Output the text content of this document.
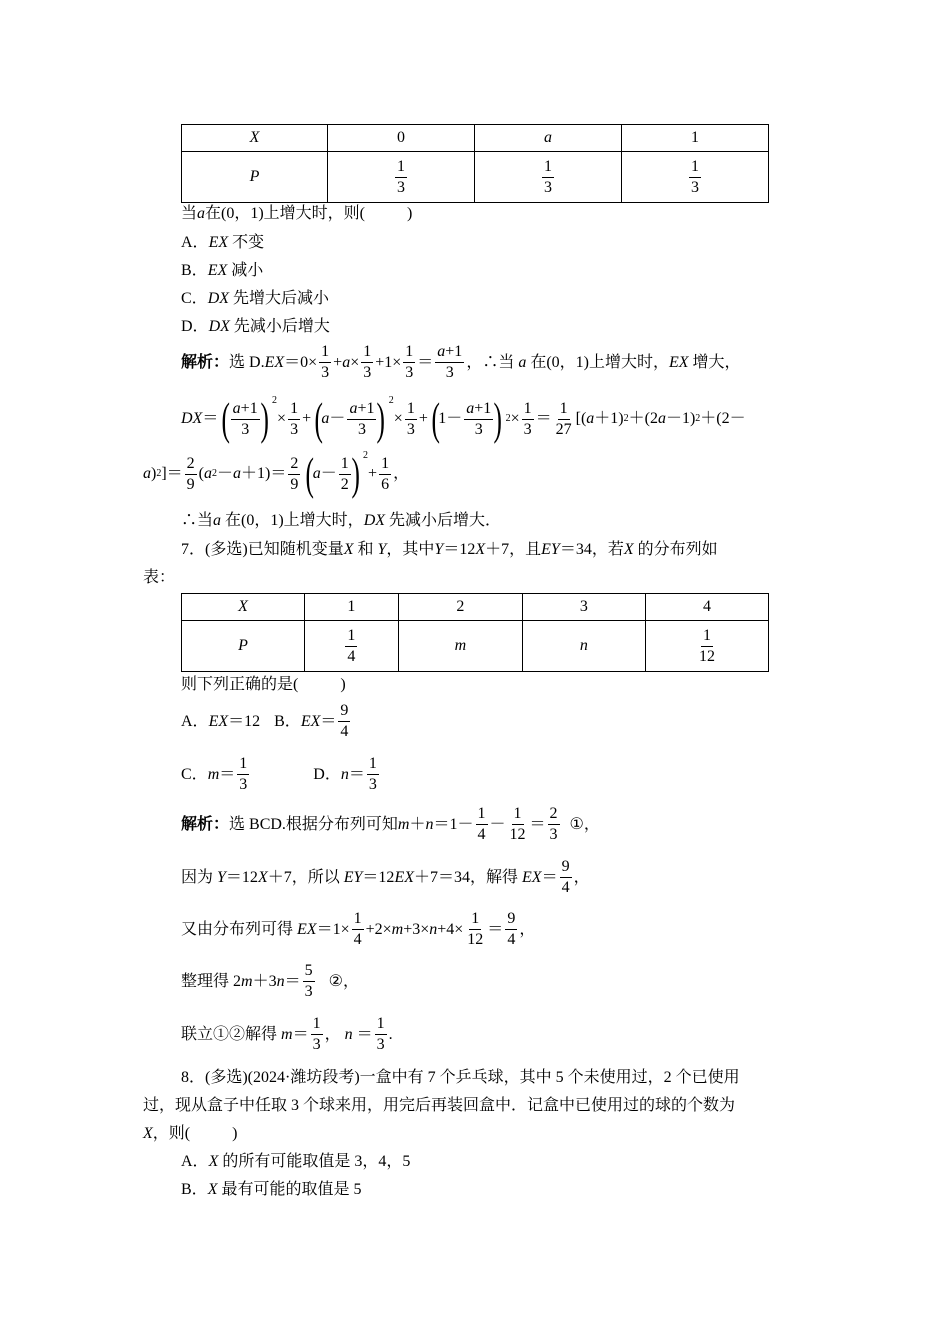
X	0	a	1
P	$\frac{1}{3}$	$\frac{1}{3}$	$\frac{1}{3}$
当a在(0，1)上增大时，则(	)
A．EX 不变
B．EX 减小
C．DX 先增大后减小
D．DX 先减小后增大
解析： 选 D. EX $=0\times \frac{1}{3} + a \times \frac{1}{3} +1\times \frac{1}{3} = \frac{a+1}{3}$ ，∴当
a
在(0，1)上增大时， EX
增大，
DX ＝ ( $\frac{a+1}{3}$ ) $^2$
× $\frac{1}{3}$ + (
$a - \frac{a+1}{3}$ ) $^2$
× $\frac{1}{3}$ + (
$1- \frac{a+1}{3}$ ) $2 \times \frac{1}{3} = \frac{1}{27}$ [( a ＋1) 2 ＋(2 a －1) 2 ＋(2－
a ) 2 ]＝ $\frac{2}{9}$ ( a $2 - a +1)= \frac{2}{9}$ (
$a - \frac{1}{2}$ ) $^2$
+ $\frac{1}{6}$ ，
∴当a 在(0，1)上增大时，DX 先减小后增大．
7．(多选)已知随机变量X 和 Y，其中Y＝12X＋7，且EY＝34，若X 的分布列如
表：
X	1	2	3	4
P	$\frac{1}{4}$	m	n	$\frac{1}{12}$
则下列正确的是(	)
A．EX＝12 B．$EX= \frac{9}{4}$
C．$m= \frac{1}{3}$	D．$n= \frac{1}{3}$
解析： 选 BCD.根据分布列可知 $m + n =1- \frac{1}{4} - \frac{1}{12} = \frac{2}{3}$
① ，
因为
Y ＝12 X ＋7， 所以
EY ＝12 EX ＋7＝34， 解得
EX ＝ $\frac{9}{4}$ ，
又由分布列可得
EX $=1\times \frac{1}{4} +2\times m +3\times n +4\times \frac{1}{12} = \frac{9}{4}$ ，
整理得 2 m ＋3 $n = \frac{5}{3}$
② ，
联立①②解得
$m = \frac{1}{3}$ ， $n = \frac{1}{3}$ .
8．(多选)(2024·潍坊段考)一盒中有 7 个乒乓球，其中 5 个未使用过，2 个已使用
过，现从盒子中任取 3 个球来用，用完后再装回盒中．记盒中已使用过的球的个数为
X，则(	)
A．X 的所有可能取值是 3，4，5
B．X 最有可能的取值是 5
